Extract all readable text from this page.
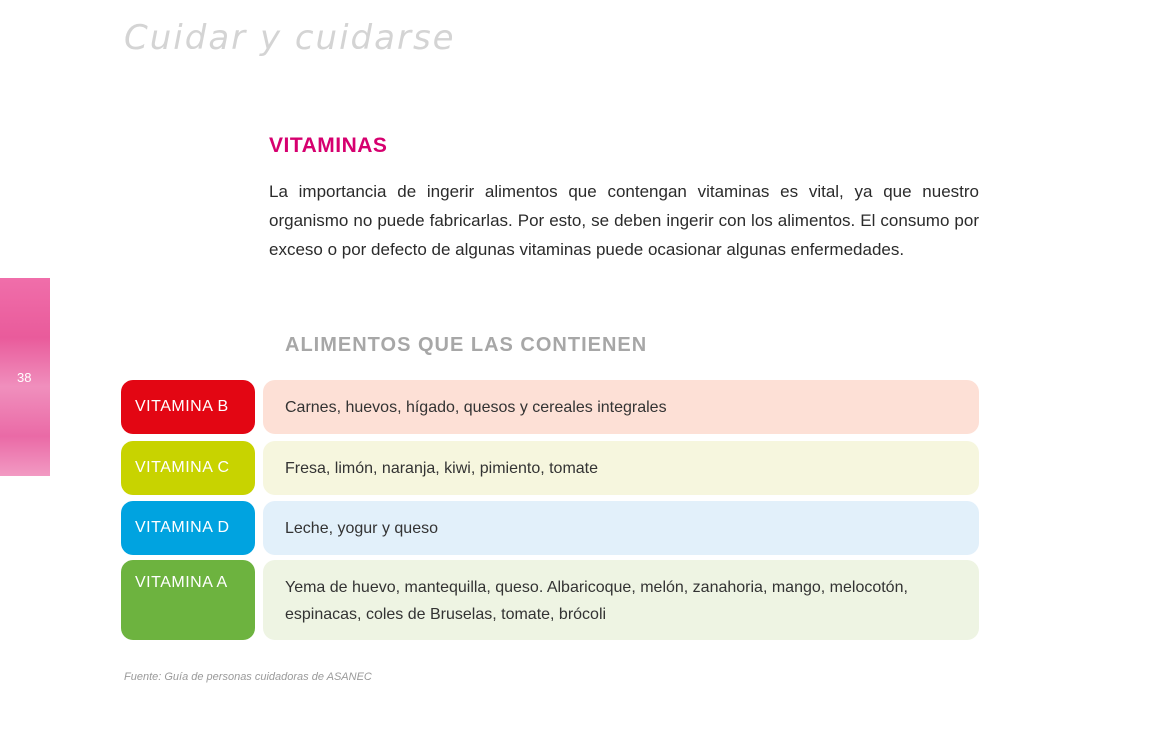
Cuidar y cuidarse
38
VITAMINAS

La importancia de ingerir alimentos que contengan vitaminas es vital, ya que nuestro organismo no puede fabricarlas. Por esto, se deben ingerir con los alimentos. El consumo por exceso o por defecto de algunas vitaminas puede ocasionar algunas enfermedades.

ALIMENTOS QUE LAS CONTIENEN
VITAMINA B	Carnes, huevos, hígado, quesos y cereales integrales
VITAMINA C	Fresa, limón, naranja, kiwi, pimiento, tomate
VITAMINA D	Leche, yogur y queso
VITAMINA A	Yema de huevo, mantequilla, queso. Albaricoque, melón, zanahoria, mango, melocotón, espinacas, coles de Bruselas, tomate, brócoli
Fuente: Guía de personas cuidadoras de ASANEC
